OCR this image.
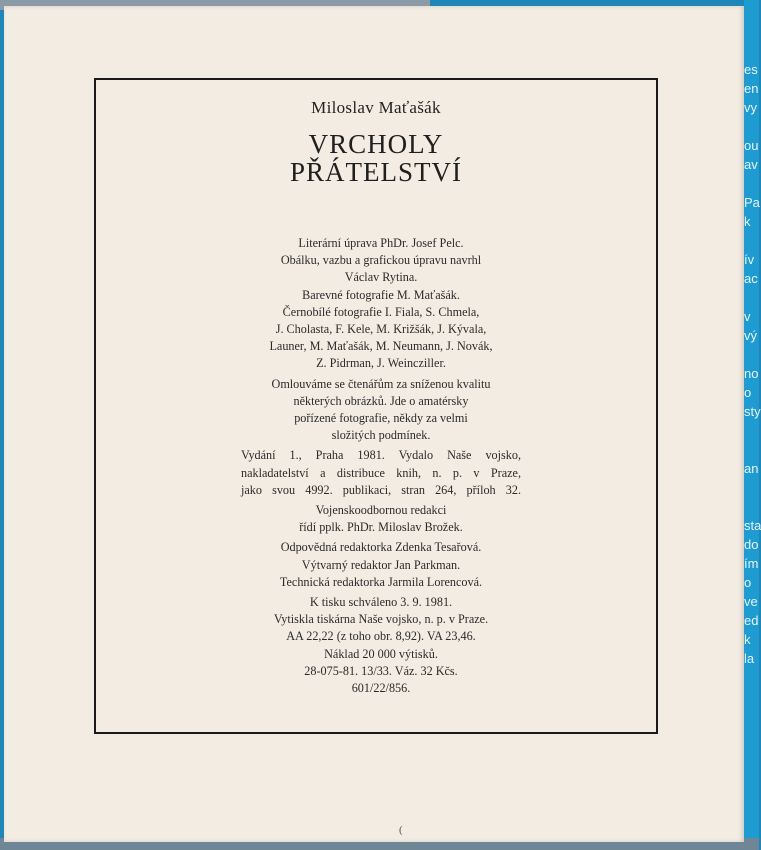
es
en
vy
ou
av
Pa
k
ív
ac
v
vý
no
o
sty
an
sta
do
ím
o
ve
ed
k
la
Miloslav Maťašák
VRCHOLY
PŘÁTELSTVÍ
Literární úprava PhDr. Josef Pelc.
Obálku, vazbu a grafickou úpravu navrhl
Václav Rytina.
Barevné fotografie M. Maťašák.
Černobílé fotografie I. Fiala, S. Chmela,
J. Cholasta, F. Kele, M. Križšák, J. Kývala,
Launer, M. Maťašák, M. Neumann, J. Novák,
Z. Pidrman, J. Weincziller.
Omlouváme se čtenářům za sníženou kvalitu
některých obrázků. Jde o amatérsky
pořízené fotografie, někdy za velmi
složitých podmínek.
Vydání 1., Praha 1981. Vydalo Naše vojsko,
nakladatelství a distribuce knih, n. p. v Praze,
jako svou 4992. publikaci, stran 264, příloh 32.
Vojenskoodbornou redakci
řídí pplk. PhDr. Miloslav Brožek.
Odpovědná redaktorka Zdenka Tesařová.
Výtvarný redaktor Jan Parkman.
Technická redaktorka Jarmila Lorencová.
K tisku schváleno 3. 9. 1981.
Vytiskla tiskárna Naše vojsko, n. p. v Praze.
AA 22,22 (z toho obr. 8,92). VA 23,46.
Náklad 20 000 výtisků.
28-075-81. 13/33. Váz. 32 Kčs.
601/22/856.
(
